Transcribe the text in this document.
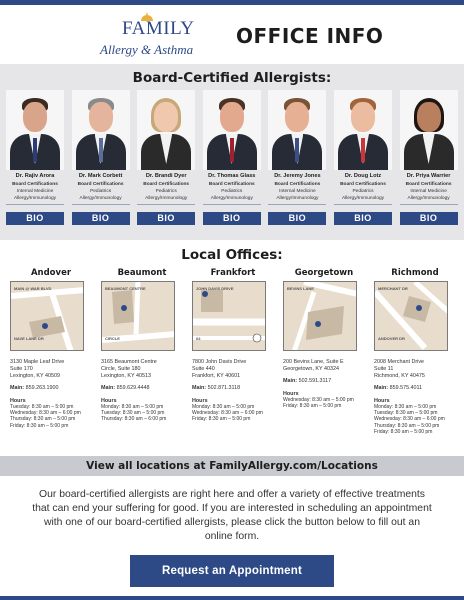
FAMILY
Allergy & Asthma
OFFICE INFO
Board-Certified Allergists:
Dr. Rajiv Arora
Board Certifications
Internal Medicine
Allergy/Immunology
BIO
Dr. Mark Corbett
Board Certifications
Pediatrics
Allergy/Immunology
BIO
Dr. Brandi Dyer
Board Certifications
Pediatrics
Allergy/Immunology
BIO
Dr. Thomas Glass
Board Certifications
Pediatrics
Allergy/Immunology
BIO
Dr. Jeremy Jones
Board Certifications
Internal Medicine
Allergy/Immunology
BIO
Dr. Doug Lotz
Board Certifications
Pediatrics
Allergy/Immunology
BIO
Dr. Priya Warrier
Board Certifications
Internal Medicine
Allergy/Immunology
BIO
Local Offices:
Andover
MAIN @ WAR BLVD
NAVE LANE DR
3130 Maple Leaf Drive
Suite 170
Lexington, KY 40509
Main: 859.263.1900
Hours
Tuesday: 8:30 am – 5:00 pm
Wednesday: 8:30 am – 6:00 pm
Thursday: 8:30 am – 5:00 pm
Friday: 8:30 am – 5:00 pm
Beaumont
BEAUMONT CENTRE
CIRCLE
3165 Beaumont Centre
Circle, Suite 180
Lexington, KY 40513
Main: 859.629.4448
Hours
Monday: 8:30 am – 5:00 pm
Tuesday: 8:30 am – 5:00 pm
Thursday: 8:30 am – 6:00 pm
Frankfort
JOHN DAVIS DRIVE
64
7800 John Davis Drive
Suite 440
Frankfort, KY 40601
Main: 502.871.3118
Hours
Monday: 8:30 am – 5:00 pm
Wednesday: 8:30 am – 6:00 pm
Friday: 8:30 am – 5:00 pm
Georgetown
BEVINS LANE
200 Bevins Lane, Suite E
Georgetown, KY 40324
Main: 502.591.3117
Hours
Wednesday: 8:30 am – 5:00 pm
Friday: 8:30 am – 5:00 pm
Richmond
MERCHANT DR
ANDOVER DR
2008 Merchant Drive
Suite 11
Richmond, KY 40475
Main: 859.575.4011
Hours
Monday: 8:30 am – 5:00 pm
Tuesday: 8:30 am – 5:00 pm
Wednesday: 8:30 am – 6:00 pm
Thursday: 8:30 am – 5:00 pm
Friday: 8:30 am – 5:00 pm
View all locations at FamilyAllergy.com/Locations
Our board-certified allergists are right here and offer a variety of effective treatments that can end your suffering for good. If you are interested in scheduling an appointment with one of our board-certified allergists, please click the button below to fill out an online form.
Request an Appointment
